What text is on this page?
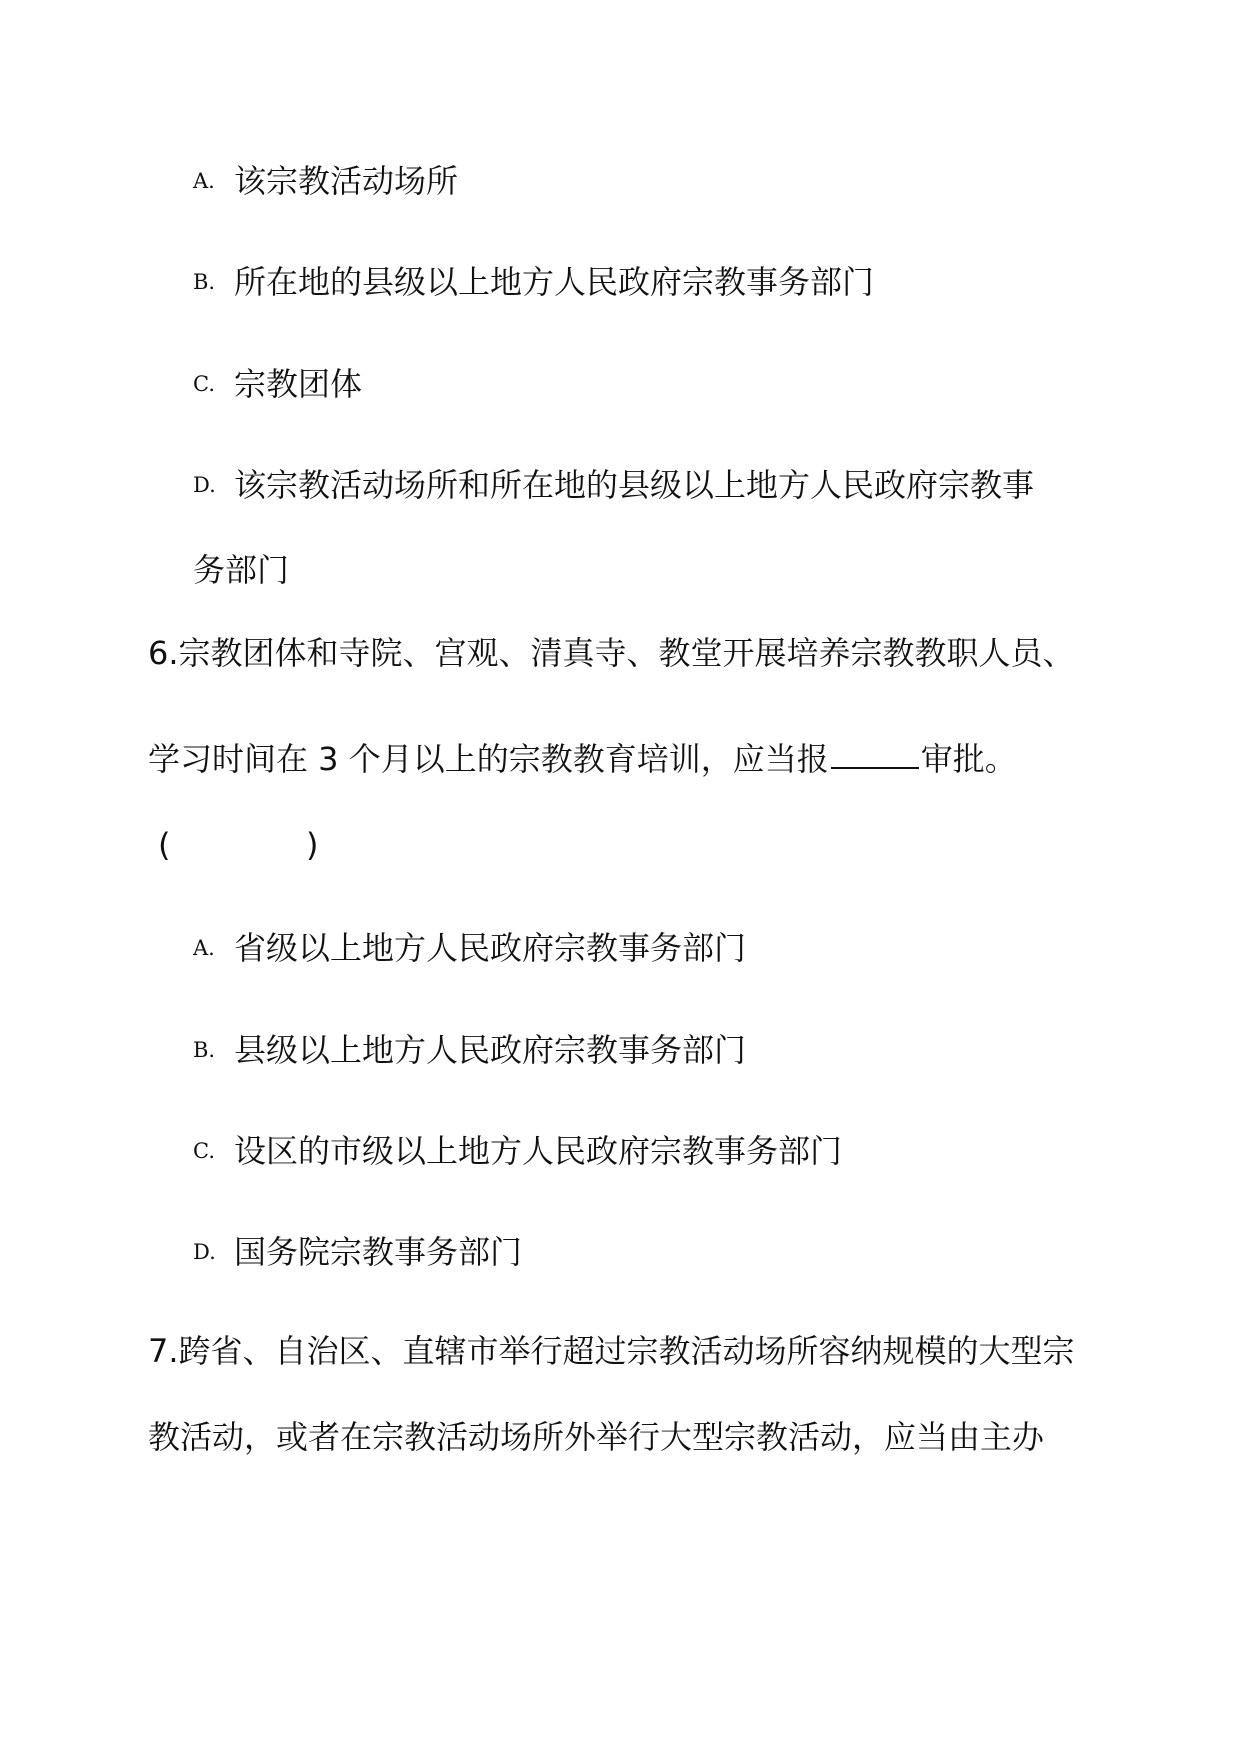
A. 该宗教活动场所
B. 所在地的县级以上地方人民政府宗教事务部门
C. 宗教团体
D. 该宗教活动场所和所在地的县级以上地方人民政府宗教事
务部门
6.宗教团体和寺院、宫观、清真寺、教堂开展培养宗教教职人员、
学习时间在 3 个月以上的宗教教育培训，应当报	审批。
(	)
A. 省级以上地方人民政府宗教事务部门
B. 县级以上地方人民政府宗教事务部门
C. 设区的市级以上地方人民政府宗教事务部门
D. 国务院宗教事务部门
7.跨省、自治区、直辖市举行超过宗教活动场所容纳规模的大型宗
教活动，或者在宗教活动场所外举行大型宗教活动，应当由主办
